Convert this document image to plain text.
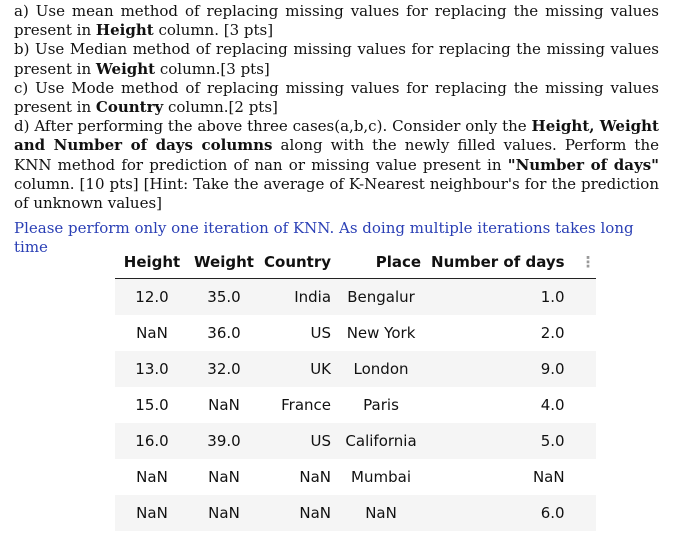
a) Use mean method of replacing missing values for replacing the missing values present in Height column. [3 pts]

b) Use Median method of replacing missing values for replacing the missing values present in Weight column.[3 pts]

c) Use Mode method of replacing missing values for replacing the missing values present in Country column.[2 pts]

d) After performing the above three cases(a,b,c). Consider only the Height, Weight and Number of days columns along with the newly filled values. Perform the KNN method for prediction of nan or missing value present in "Number of days" column. [10 pts] [Hint: Take the average of K-Nearest neighbour's for the prediction of unknown values]

Please perform only one iteration of KNN. As doing multiple iterations takes long time

Height	Weight	Country	Place	Number of days	⋮
12.0	35.0	India	Bengalur	1.0	
NaN	36.0	US	New York	2.0	
13.0	32.0	UK	London	9.0	
15.0	NaN	France	Paris	4.0	
16.0	39.0	US	California	5.0	
NaN	NaN	NaN	Mumbai	NaN	
NaN	NaN	NaN	NaN	6.0	
